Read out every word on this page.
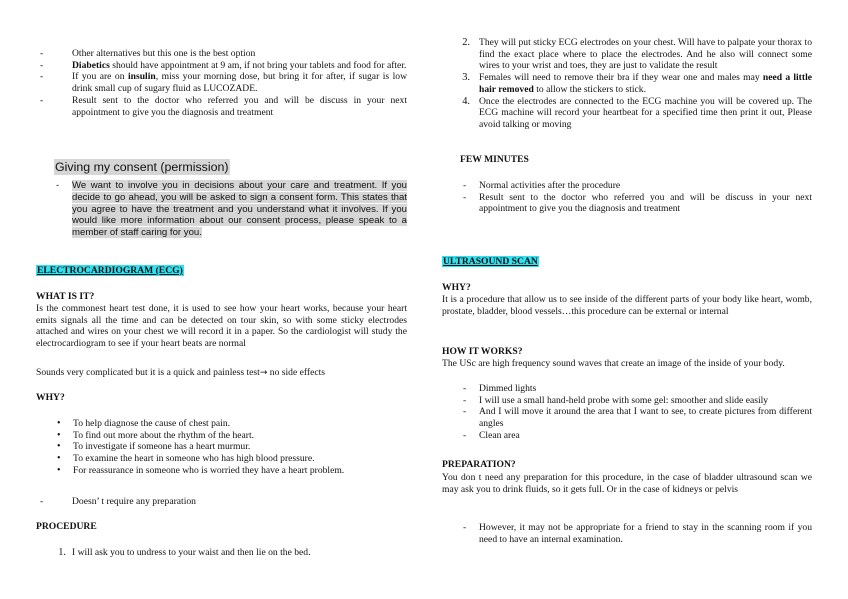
- Other alternatives but this one is the best option
- Diabetics should have appointment at 9 am, if not bring your tablets and food for after.
- If you are on insulin, miss your morning dose, but bring it for after, if sugar is low drink small cup of sugary fluid as LUCOZADE.
- Result sent to the doctor who referred you and will be discuss in your next appointment to give you the diagnosis and treatment
Giving my consent (permission)
- We want to involve you in decisions about your care and treatment. If you decide to go ahead, you will be asked to sign a consent form. This states that you agree to have the treatment and you understand what it involves. If you would like more information about our consent process, please speak to a member of staff caring for you.
ELECTROCARDIOGRAM (ECG)
WHAT IS IT?

Is the commonest heart test done, it is used to see how your heart works, because your heart emits signals all the time and can be detected on tour skin, so with some sticky electrodes attached and wires on your chest we will record it in a paper. So the cardiologist will study the electrocardiogram to see if your heart beats are normal

Sounds very complicated but it is a quick and painless test→ no side effects

WHY?
• To help diagnose the cause of chest pain.
• To find out more about the rhythm of the heart.
• To investigate if someone has a heart murmur.
• To examine the heart in someone who has high blood pressure.
• For reassurance in someone who is worried they have a heart problem.
- Doesn’ t require any preparation
PROCEDURE
1. I will ask you to undress to your waist and then lie on the bed.
2. They will put sticky ECG electrodes on your chest. Will have to palpate your thorax to find the exact place where to place the electrodes. And he also will connect some wires to your wrist and toes, they are just to validate the result
3. Females will need to remove their bra if they wear one and males may need a little hair removed to allow the stickers to stick.
4. Once the electrodes are connected to the ECG machine you will be covered up. The ECG machine will record your heartbeat for a specified time then print it out, Please avoid talking or moving
FEW MINUTES
- Normal activities after the procedure
- Result sent to the doctor who referred you and will be discuss in your next appointment to give you the diagnosis and treatment
ULTRASOUND SCAN
WHY?

It is a procedure that allow us to see inside of the different parts of your body like heart, womb, prostate, bladder, blood vessels…this procedure can be external or internal

HOW IT WORKS?

The USc are high frequency sound waves that create an image of the inside of your body.

- Dimmed lights
- I will use a small hand-held probe with some gel: smoother and slide easily
- And I will move it around the area that I want to see, to create pictures from different angles
- Clean area
PREPARATION?

You don t need any preparation for this procedure, in the case of bladder ultrasound scan we may ask you to drink fluids, so it gets full. Or in the case of kidneys or pelvis

- However, it may not be appropriate for a friend to stay in the scanning room if you need to have an internal examination.
